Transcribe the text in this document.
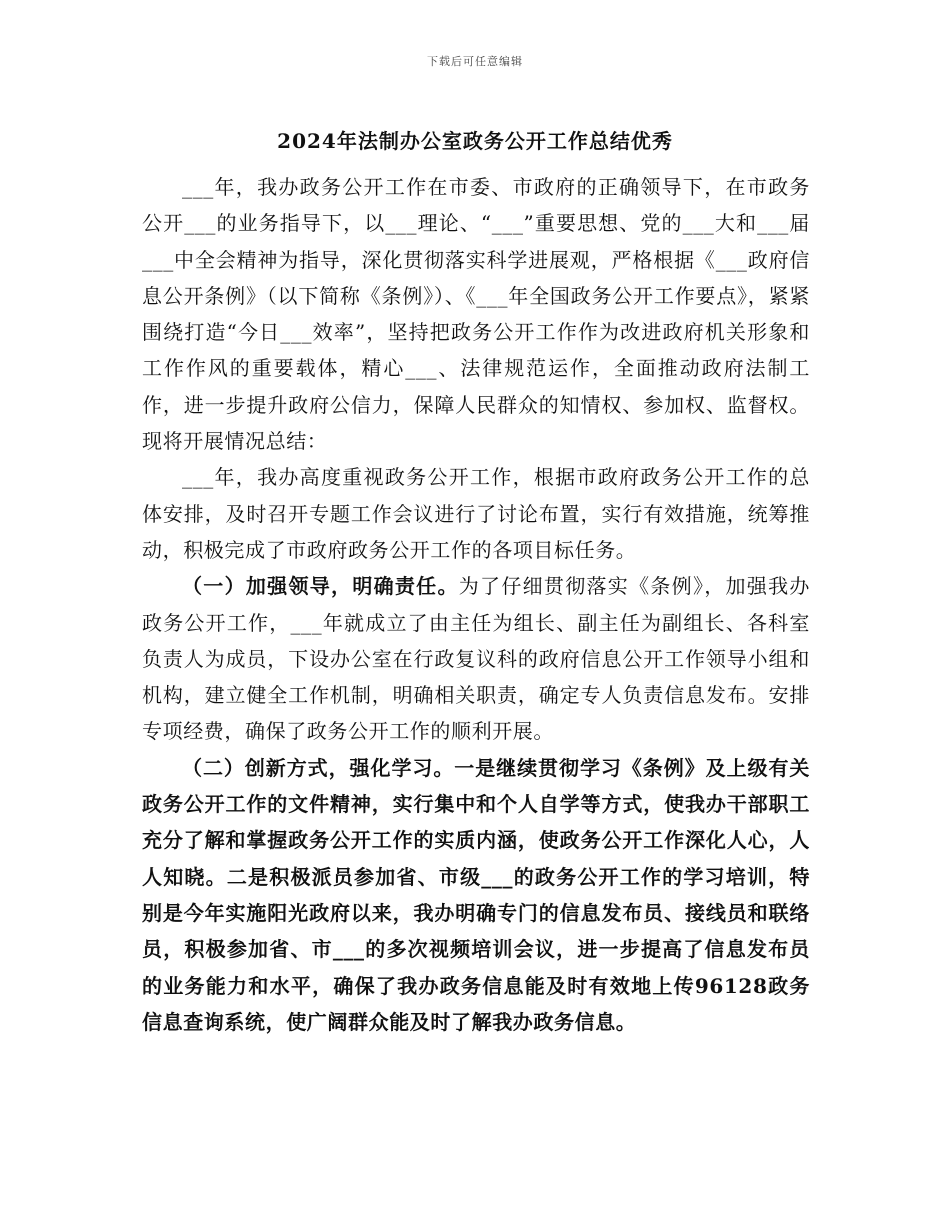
下载后可任意编辑
2024年法制办公室政务公开工作总结优秀

___年，我办政务公开工作在市委、市政府的正确领导下，在市政务公开___的业务指导下，以___理论、“___”重要思想、党的___大和___届___中全会精神为指导，深化贯彻落实科学进展观，严格根据《___政府信息公开条例》（以下简称《条例》）、《___年全国政务公开工作要点》，紧紧围绕打造“今日___效率”，坚持把政务公开工作作为改进政府机关形象和工作作风的重要载体，精心___、法律规范运作，全面推动政府法制工作，进一步提升政府公信力，保障人民群众的知情权、参加权、监督权。现将开展情况总结：

___年，我办高度重视政务公开工作，根据市政府政务公开工作的总体安排，及时召开专题工作会议进行了讨论布置，实行有效措施，统筹推动，积极完成了市政府政务公开工作的各项目标任务。

（一）加强领导，明确责任。为了仔细贯彻落实《条例》，加强我办政务公开工作，___年就成立了由主任为组长、副主任为副组长、各科室负责人为成员，下设办公室在行政复议科的政府信息公开工作领导小组和机构，建立健全工作机制，明确相关职责，确定专人负责信息发布。安排专项经费，确保了政务公开工作的顺利开展。

（二）创新方式，强化学习。一是继续贯彻学习《条例》及上级有关政务公开工作的文件精神，实行集中和个人自学等方式，使我办干部职工充分了解和掌握政务公开工作的实质内涵，使政务公开工作深化人心，人人知晓。二是积极派员参加省、市级___的政务公开工作的学习培训，特别是今年实施阳光政府以来，我办明确专门的信息发布员、接线员和联络员，积极参加省、市___的多次视频培训会议，进一步提高了信息发布员的业务能力和水平，确保了我办政务信息能及时有效地上传96128政务信息查询系统，使广阔群众能及时了解我办政务信息。
